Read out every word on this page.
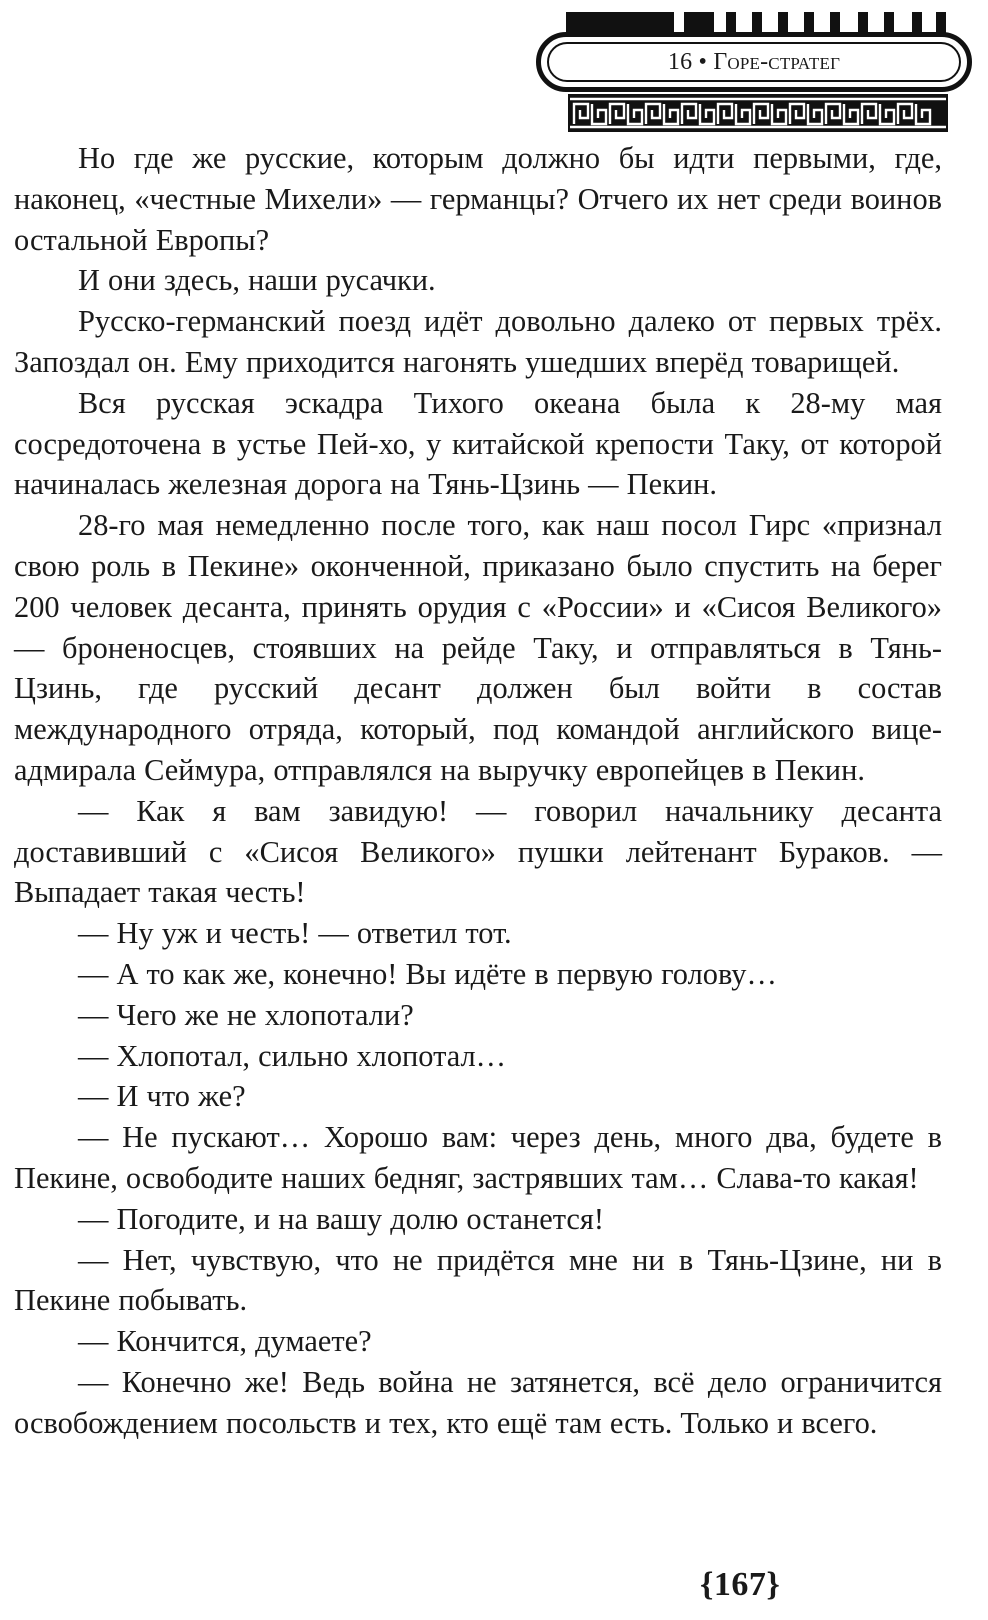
16 • Горе-стратег

Но где же русские, которым должно бы идти первыми, где, наконец, «честные Михели» — германцы? Отчего их нет среди воинов остальной Европы?

И они здесь, наши русачки.

Русско-германский поезд идёт довольно далеко от первых трёх. Запоздал он. Ему приходится нагонять ушедших вперёд товарищей.

Вся русская эскадра Тихого океана была к 28-му мая сосредоточена в устье Пей-хо, у китайской крепости Таку, от которой начиналась железная дорога на Тянь-Цзинь — Пекин.

28-го мая немедленно после того, как наш посол Гирс «признал свою роль в Пекине» оконченной, приказано было спустить на берег 200 человек десанта, принять орудия с «России» и «Сисоя Великого» — броненосцев, стоявших на рейде Таку, и отправляться в Тянь-Цзинь, где русский десант должен был войти в состав международного отряда, который, под командой английского вице-адмирала Сеймура, отправлялся на выручку европейцев в Пекин.

— Как я вам завидую! — говорил начальнику десанта доставивший с «Сисоя Великого» пушки лейтенант Бураков. — Выпадает такая честь!

— Ну уж и честь! — ответил тот.

— А то как же, конечно! Вы идёте в первую голову…

— Чего же не хлопотали?

— Хлопотал, сильно хлопотал…

— И что же?

— Не пускают… Хорошо вам: через день, много два, будете в Пекине, освободите наших бедняг, застрявших там… Слава-то какая!

— Погодите, и на вашу долю останется!

— Нет, чувствую, что не придётся мне ни в Тянь-Цзине, ни в Пекине побывать.

— Кончится, думаете?

— Конечно же! Ведь война не затянется, всё дело ограничится освобождением посольств и тех, кто ещё там есть. Только и всего.

{167}
